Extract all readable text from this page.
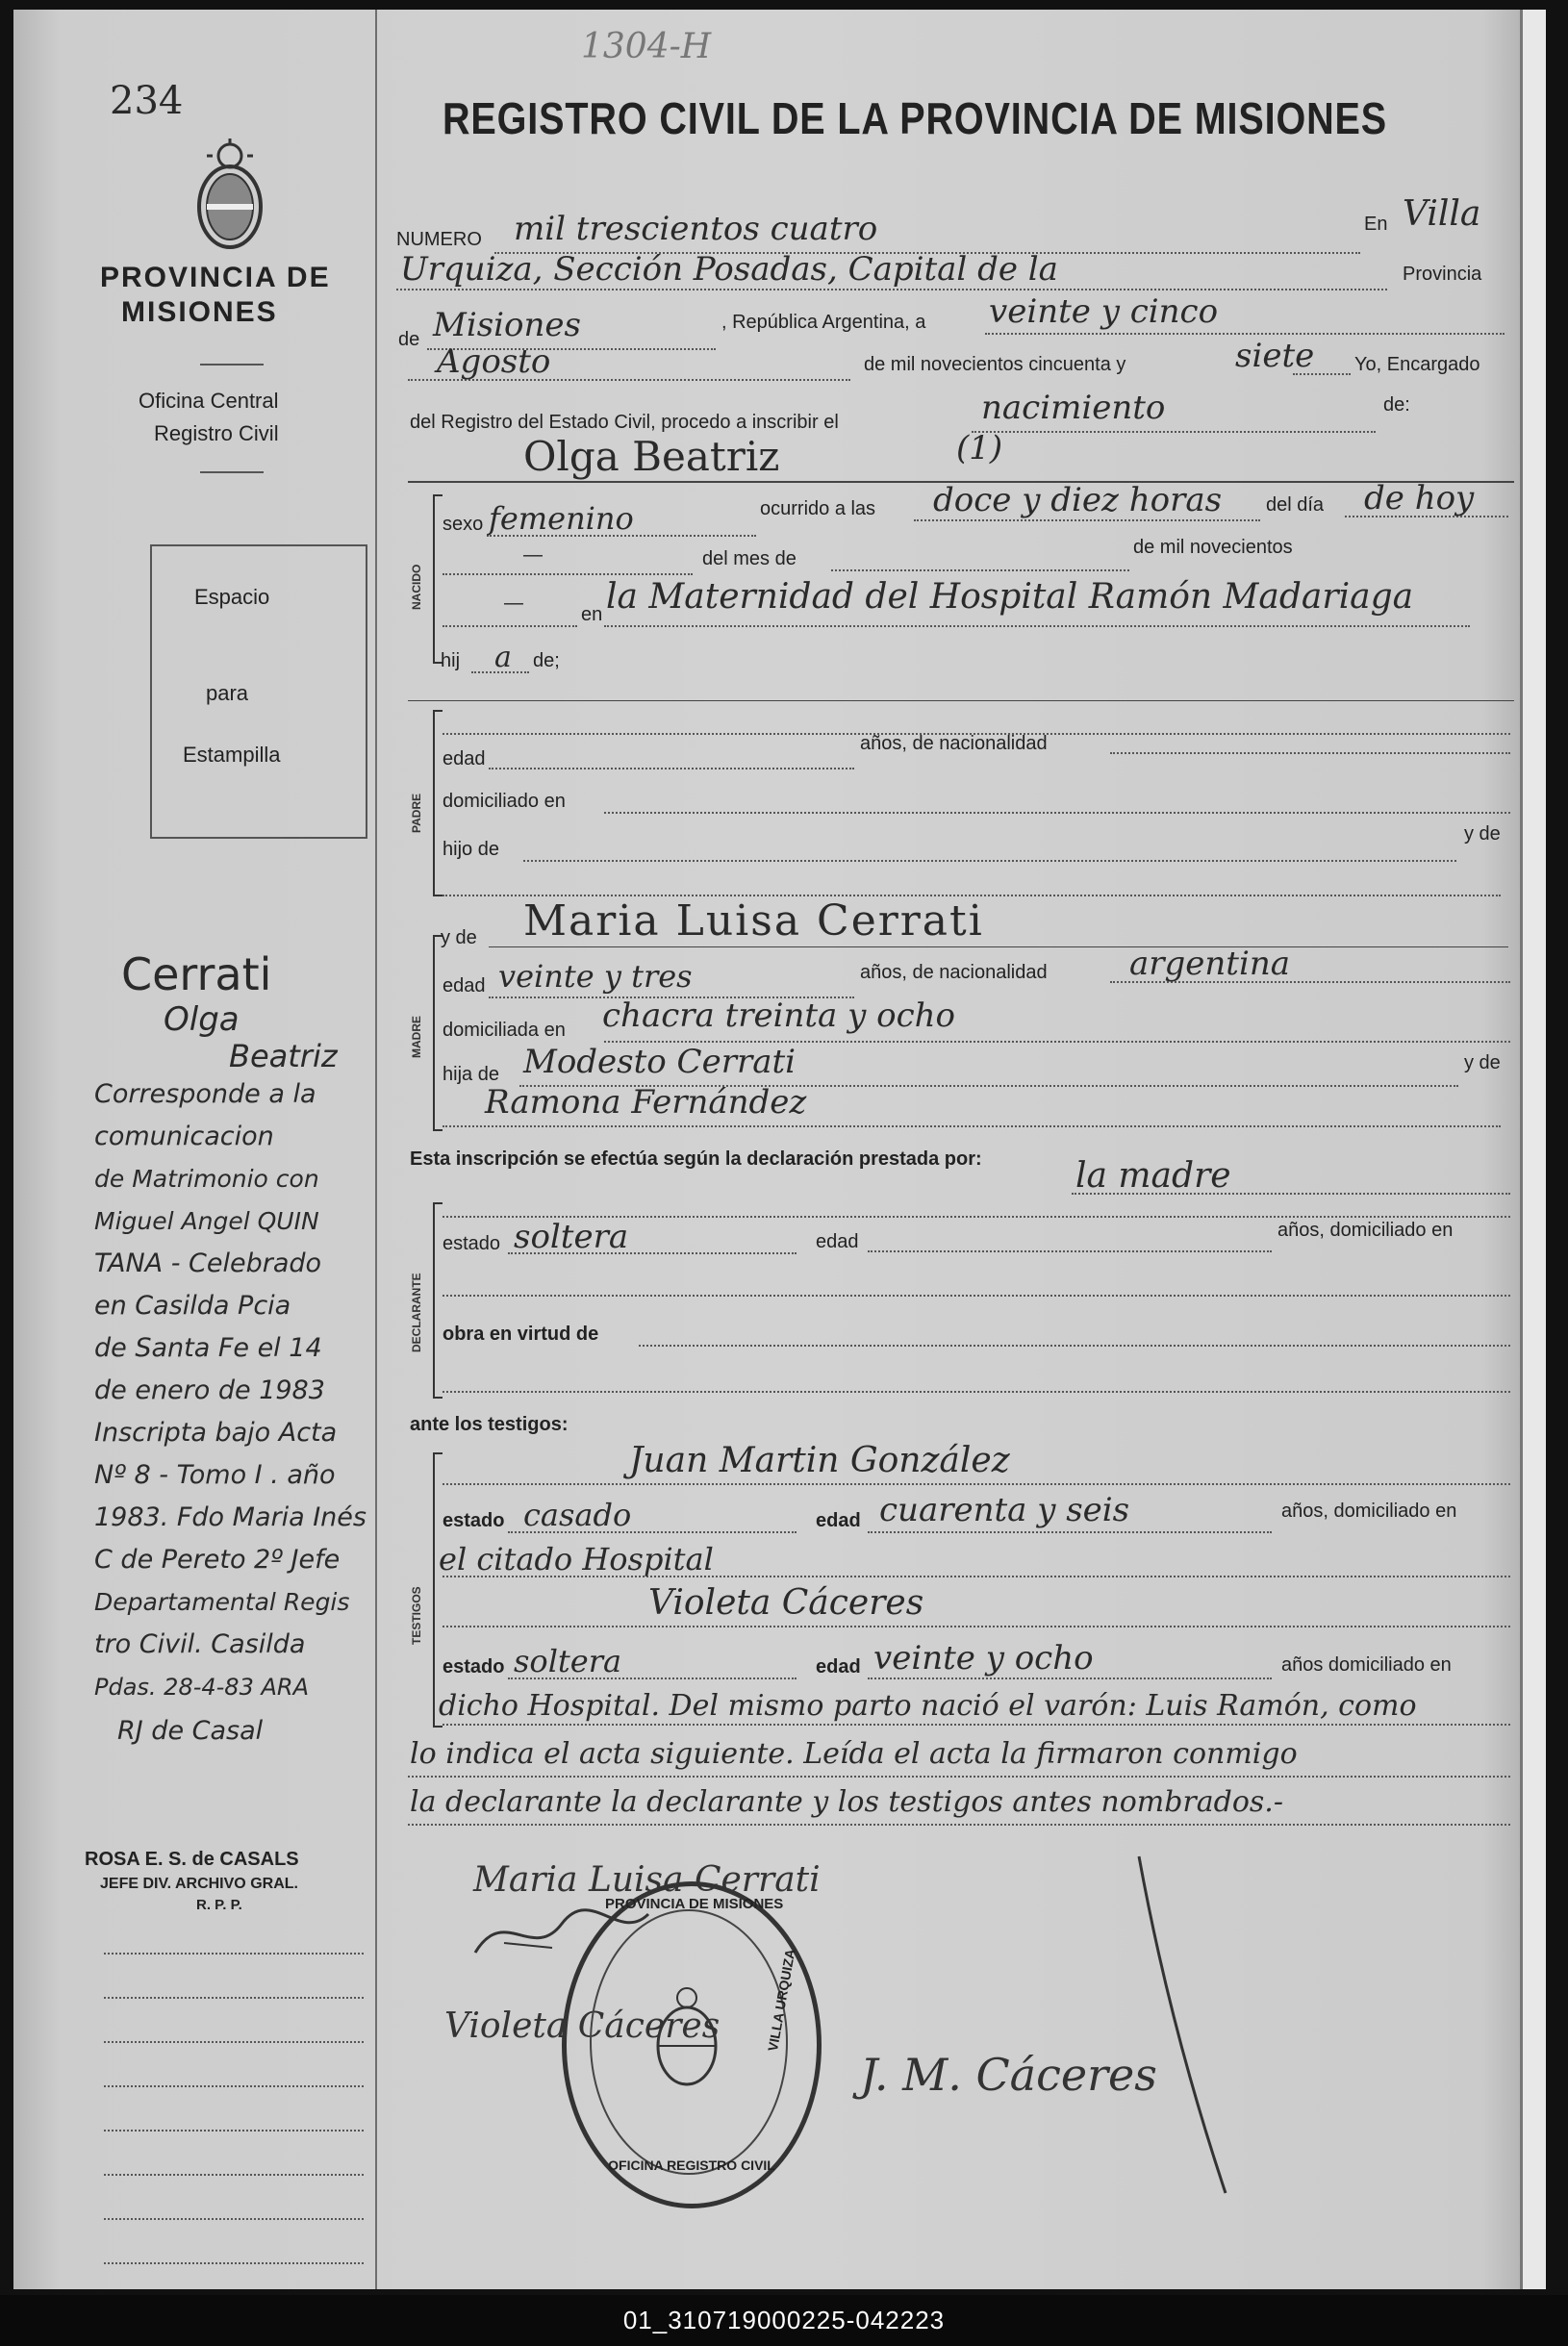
234
1304-H
REGISTRO CIVIL DE LA PROVINCIA DE MISIONES
PROVINCIA DE
MISIONES
Oficina Central
Registro Civil
Espacio
para
Estampilla
Cerrati
Olga
Beatriz
Corresponde a la
comunicacion
de Matrimonio con
Miguel Angel QUIN
TANA - Celebrado
en Casilda Pcia
de Santa Fe el 14
de enero de 1983
Inscripta bajo Acta
Nº 8 - Tomo I . año
1983. Fdo Maria Inés
C de Pereto 2º Jefe
Departamental Regis
tro Civil. Casilda
Pdas. 28-4-83 ARA
RJ de Casal
ROSA E. S. de CASALS
JEFE DIV. ARCHIVO GRAL.
R. P. P.
NUMERO mil trescientos cuatro	En Villa
Urquiza, Sección Posadas, Capital de la	Provincia
de Misiones	, República Argentina, a veinte y cinco
Agosto	de mil novecientos cincuenta y	siete Yo, Encargado
del Registro del Estado Civil, procedo a inscribir el	nacimiento	de:
Olga Beatriz	(1)
NACIDO
sexo femenino	ocurrido a las doce y diez horas del día de hoy
—	del mes de
de mil novecientos
—
en la Maternidad del Hospital Ramón Madariaga
hij a de;
PADRE
edad
años, de nacionalidad
domiciliado en
hijo de
y de
MADRE
y de Maria Luisa Cerrati
edad veinte y tres	años, de nacionalidad	argentina
domiciliada en chacra treinta y ocho
hija de Modesto Cerrati	y de
Ramona Fernández
Esta inscripción se efectúa según la declaración prestada por:	la madre
DECLARANTE
estado soltera	edad
años, domiciliado en
obra en virtud de
ante los testigos:
TESTIGOS
Juan Martin González
estado casado	edad cuarenta y seis	años, domiciliado en
el citado Hospital
Violeta Cáceres
estado soltera	edad veinte y ocho	años domiciliado en
dicho Hospital. Del mismo parto nació el varón: Luis Ramón, como
lo indica el acta siguiente. Leída el acta la firmaron conmigo
la declarante la declarante y los testigos antes nombrados.-
Maria Luisa Cerrati
Violeta Cáceres
J. M. Cáceres
PROVINCIA DE MISIONES
VILLA URQUIZA
OFICINA REGISTRO CIVIL
01_310719000225-042223
